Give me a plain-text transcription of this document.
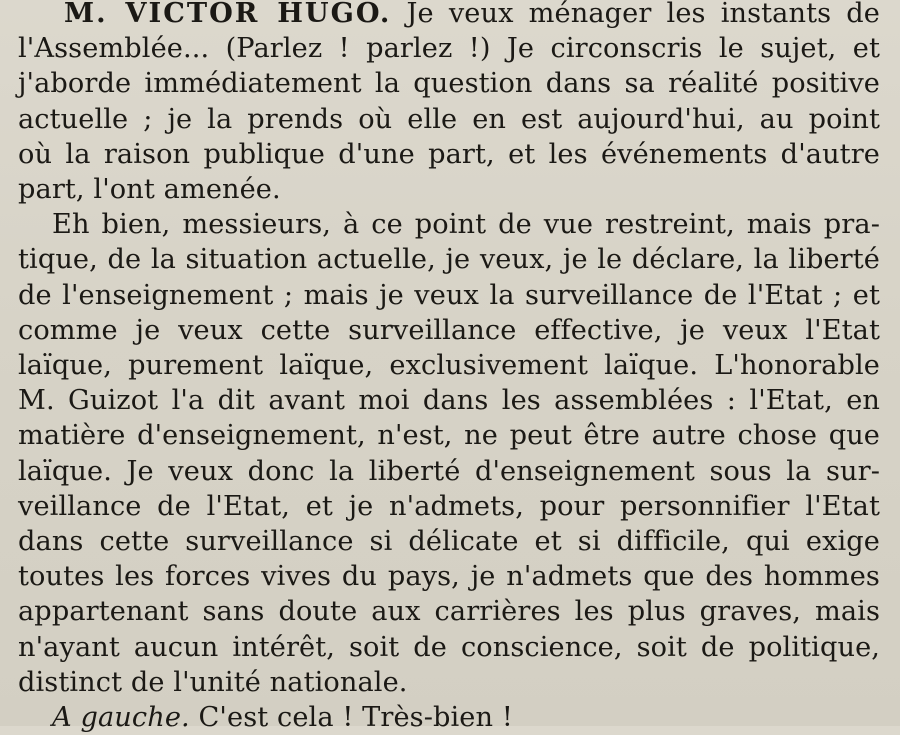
M. VICTOR HUGO. Je veux ménager les instants de
l'Assemblée... (Parlez ! parlez !) Je circonscris le sujet, et
j'aborde immédiatement la question dans sa réalité positive
actuelle ; je la prends où elle en est aujourd'hui, au point
où la raison publique d'une part, et les événements d'autre
part, l'ont amenée.
Eh bien, messieurs, à ce point de vue restreint, mais pra-
tique, de la situation actuelle, je veux, je le déclare, la liberté
de l'enseignement ; mais je veux la surveillance de l'Etat ; et
comme je veux cette surveillance effective, je veux l'Etat
laïque, purement laïque, exclusivement laïque. L'honorable
M. Guizot l'a dit avant moi dans les assemblées : l'Etat, en
matière d'enseignement, n'est, ne peut être autre chose que
laïque. Je veux donc la liberté d'enseignement sous la sur-
veillance de l'Etat, et je n'admets, pour personnifier l'Etat
dans cette surveillance si délicate et si difficile, qui exige
toutes les forces vives du pays, je n'admets que des hommes
appartenant sans doute aux carrières les plus graves, mais
n'ayant aucun intérêt, soit de conscience, soit de politique,
distinct de l'unité nationale.
A gauche. C'est cela ! Très-bien !
